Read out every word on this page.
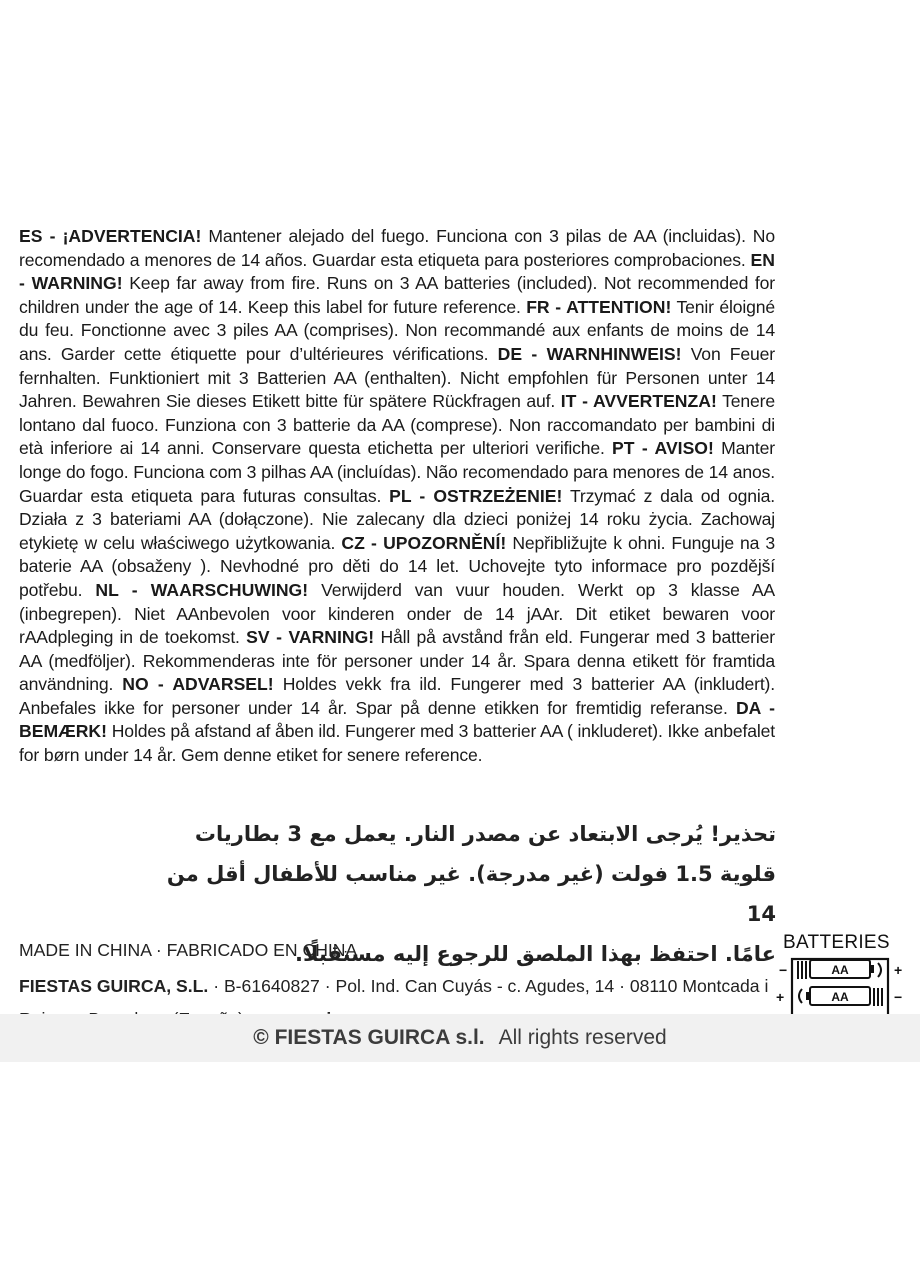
ES - ¡ADVERTENCIA! Mantener alejado del fuego. Funciona con 3 pilas de AA (incluidas). No recomendado a menores de 14 años. Guardar esta etiqueta para posteriores comprobaciones. EN - WARNING! Keep far away from fire. Runs on 3 AA batteries (included). Not recommended for children under the age of 14. Keep this label for future reference. FR - ATTENTION! Tenir éloigné du feu. Fonctionne avec 3 piles AA (comprises). Non recommandé aux enfants de moins de 14 ans. Garder cette étiquette pour d’ultérieures vérifications. DE - WARNHINWEIS! Von Feuer fernhalten. Funktioniert mit 3 Batterien AA (enthalten). Nicht empfohlen für Personen unter 14 Jahren. Bewahren Sie dieses Etikett bitte für spätere Rückfragen auf. IT - AVVERTENZA! Tenere lontano dal fuoco. Funziona con 3 batterie da AA (comprese). Non raccomandato per bambini di età inferiore ai 14 anni. Conservare questa etichetta per ulteriori verifiche. PT - AVISO! Manter longe do fogo. Funciona com 3 pilhas AA (incluídas). Não recomendado para menores de 14 anos. Guardar esta etiqueta para futuras consultas. PL - OSTRZEŻENIE! Trzymać z dala od ognia. Działa z 3 bateriami AA (dołączone). Nie zalecany dla dzieci poniżej 14 roku życia. Zachowaj etykietę w celu właściwego użytkowania. CZ - UPOZORNĚNÍ! Nepřibližujte k ohni. Funguje na 3 baterie AA (obsaženy ). Nevhodné pro děti do 14 let. Uchovejte tyto informace pro pozdější potřebu. NL - WAARSCHUWING! Verwijderd van vuur houden. Werkt op 3 klasse AA (inbegrepen). Niet AAnbevolen voor kinderen onder de 14 jAAr. Dit etiket bewaren voor rAAdpleging in de toekomst. SV - VARNING! Håll på avstånd från eld. Fungerar med 3 batterier AA (medföljer). Rekommenderas inte för personer under 14 år. Spara denna etikett för framtida användning. NO - ADVARSEL! Holdes vekk fra ild. Fungerer med 3 batterier AA (inkludert). Anbefales ikke for personer under 14 år. Spar på denne etikken for fremtidig referanse. DA - BEMÆRK! Holdes på afstand af åben ild. Fungerer med 3 batterier AA ( inkluderet). Ikke anbefalet for børn under 14 år. Gem denne etiket for senere reference.
تحذير! يُرجى الابتعاد عن مصدر النار. يعمل مع 3 بطاريات
قلوية 1.5 فولت (غير مدرجة). غير مناسب للأطفال أقل من 14
عامًا. احتفظ بهذا الملصق للرجوع إليه مستقبلًا.
MADE IN CHINA · FABRICADO EN CHINA
FIESTAS GUIRCA, S.L. · B-61640827 · Pol. Ind. Can Cuyás - c. Agudes, 14 · 08110 Montcada i
BATTERIES
AA
AA
−	+
+	−
© FIESTAS GUIRCA s.l. All rights reserved
